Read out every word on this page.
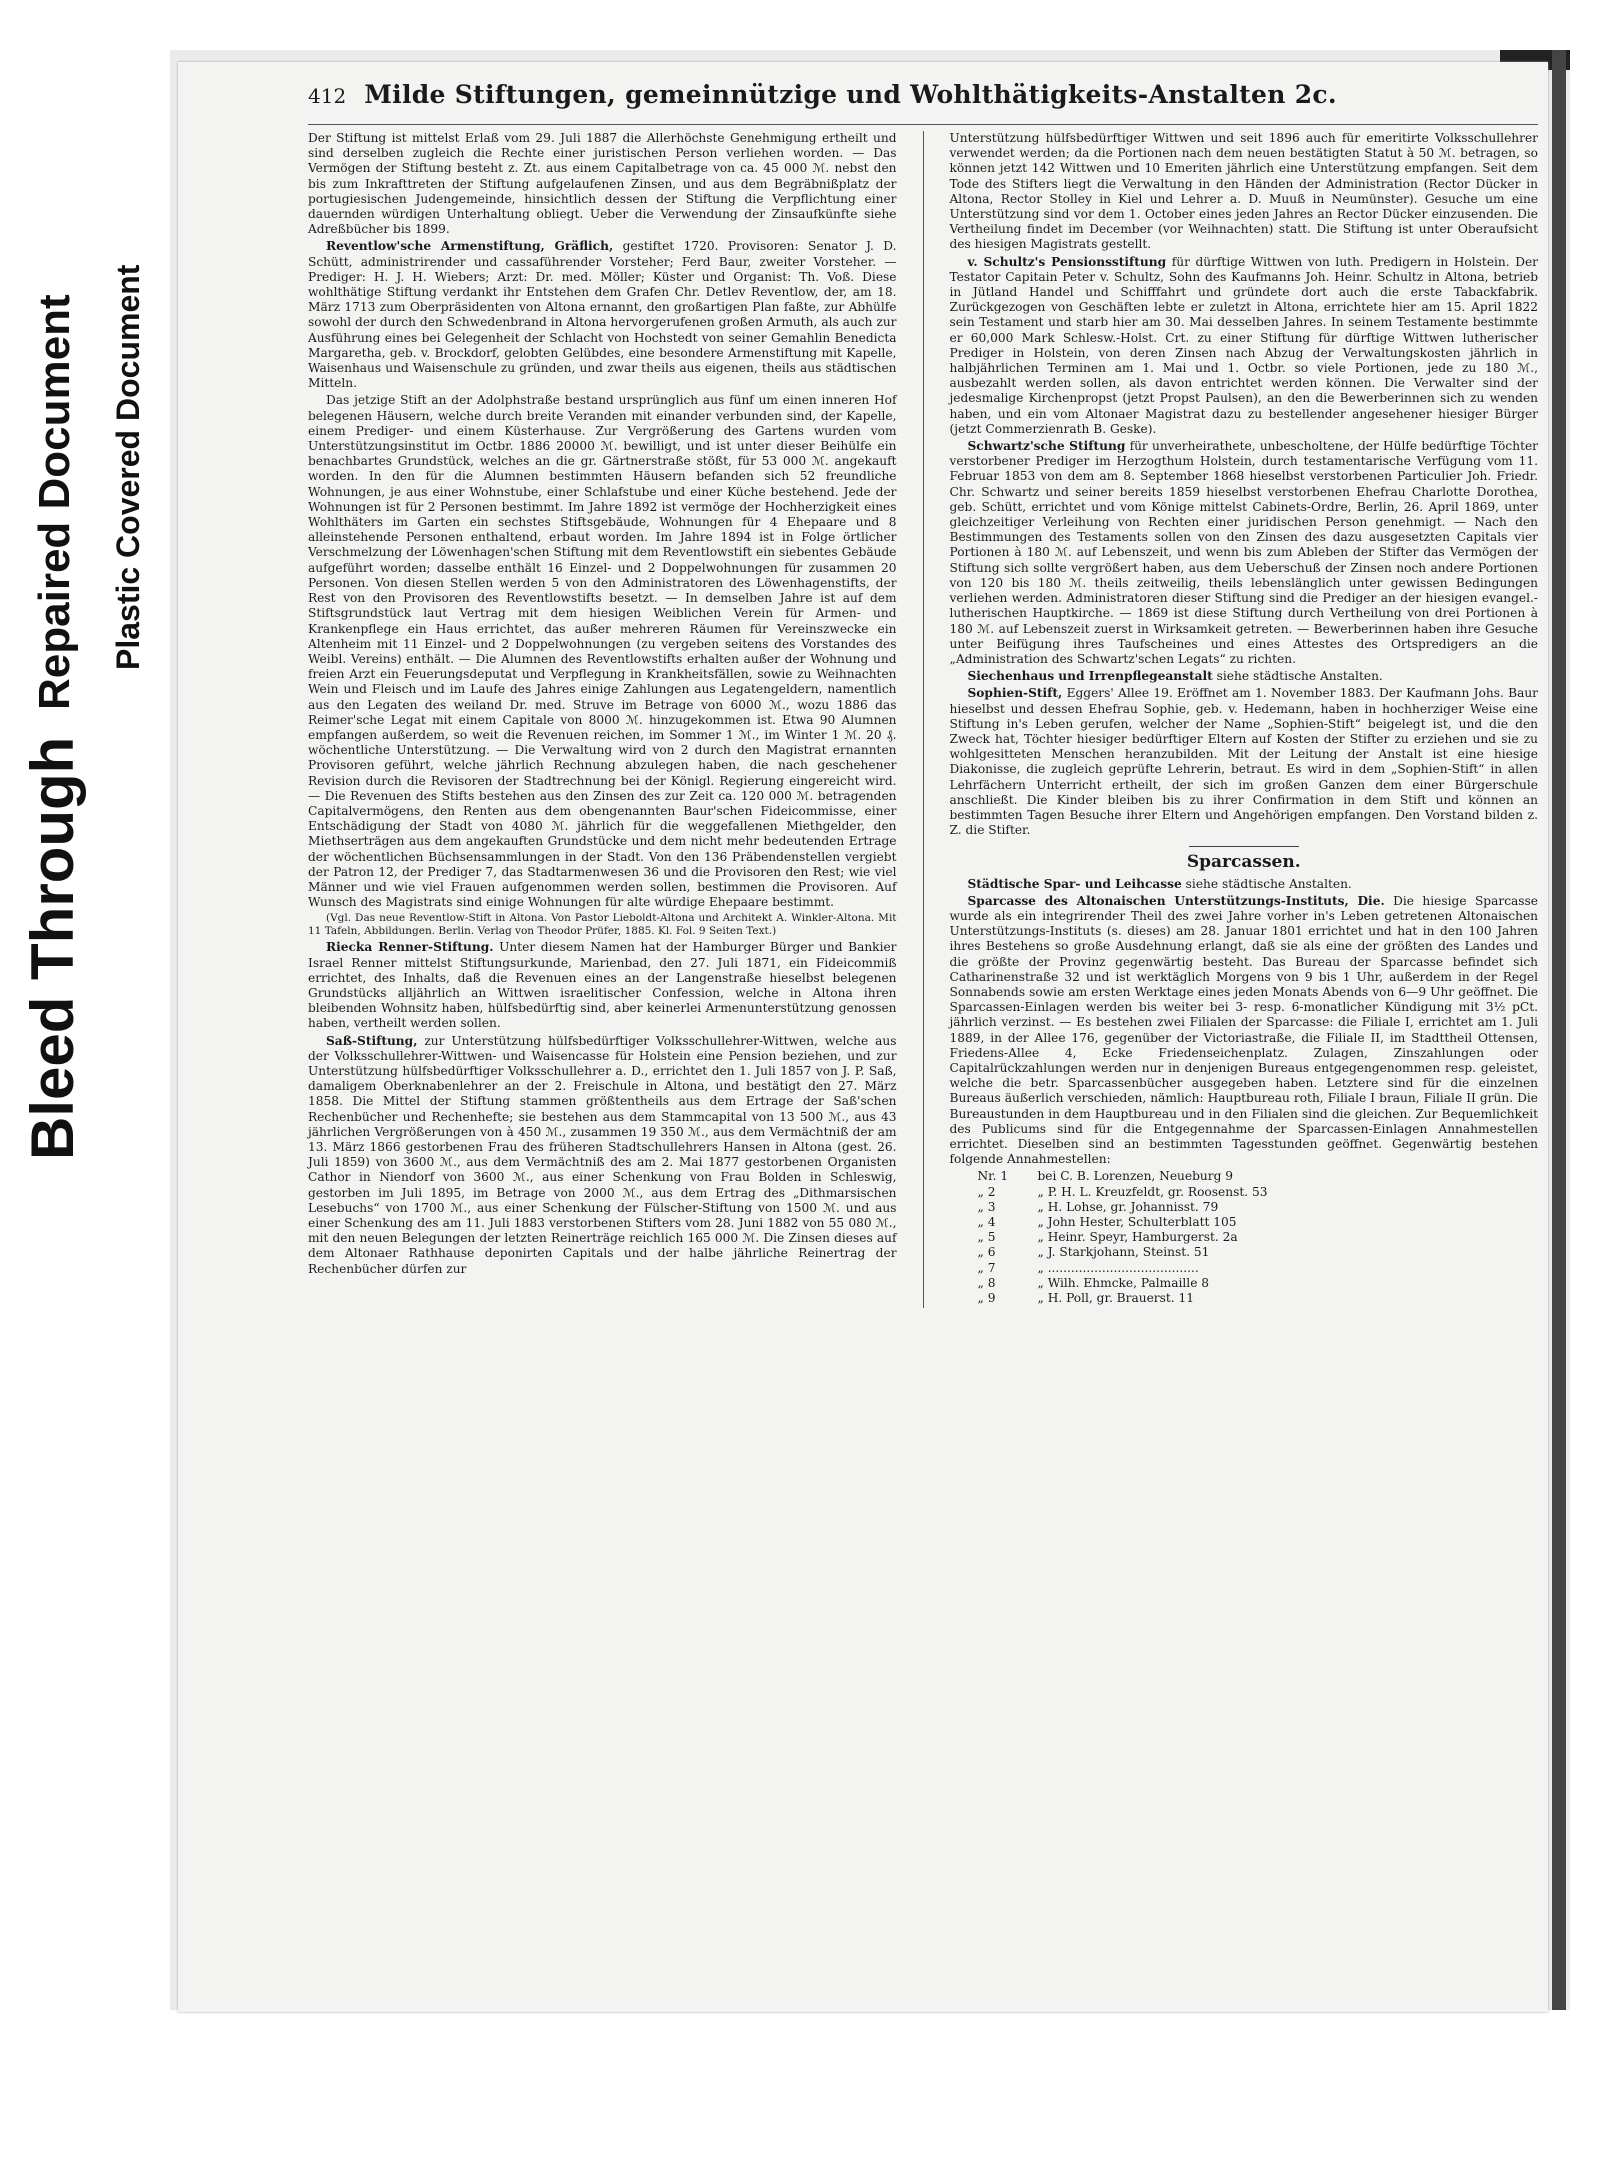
Bleed Through
Repaired Document Plastic Covered Document
412 Milde Stiftungen, gemeinnützige und Wohlthätigkeits-Anstalten 2c.

Der Stiftung ist mittelst Erlaß vom 29. Juli 1887 die Allerhöchste Genehmigung ertheilt und sind derselben zugleich die Rechte einer juristischen Person verliehen worden. — Das Vermögen der Stiftung besteht z. Zt. aus einem Capitalbetrage von ca. 45 000 ℳ. nebst den bis zum Inkrafttreten der Stiftung aufgelaufenen Zinsen, und aus dem Begräbnißplatz der portugiesischen Judengemeinde, hinsichtlich dessen der Stiftung die Verpflichtung einer dauernden würdigen Unterhaltung obliegt. Ueber die Verwendung der Zinsaufkünfte siehe Adreßbücher bis 1899.

Reventlow'sche Armenstiftung, Gräflich, gestiftet 1720. Provisoren: Senator J. D. Schütt, administrirender und cassaführender Vorsteher; Ferd Baur, zweiter Vorsteher. — Prediger: H. J. H. Wiebers; Arzt: Dr. med. Möller; Küster und Organist: Th. Voß. Diese wohlthätige Stiftung verdankt ihr Entstehen dem Grafen Chr. Detlev Reventlow, der, am 18. März 1713 zum Oberpräsidenten von Altona ernannt, den großartigen Plan faßte, zur Abhülfe sowohl der durch den Schwedenbrand in Altona hervorgerufenen großen Armuth, als auch zur Ausführung eines bei Gelegenheit der Schlacht von Hochstedt von seiner Gemahlin Benedicta Margaretha, geb. v. Brockdorf, gelobten Gelübdes, eine besondere Armenstiftung mit Kapelle, Waisenhaus und Waisenschule zu gründen, und zwar theils aus eigenen, theils aus städtischen Mitteln.

Das jetzige Stift an der Adolphstraße bestand ursprünglich aus fünf um einen inneren Hof belegenen Häusern, welche durch breite Veranden mit einander verbunden sind, der Kapelle, einem Prediger- und einem Küsterhause. Zur Vergrößerung des Gartens wurden vom Unterstützungsinstitut im Octbr. 1886 20000 ℳ. bewilligt, und ist unter dieser Beihülfe ein benachbartes Grundstück, welches an die gr. Gärtnerstraße stößt, für 53 000 ℳ. angekauft worden. In den für die Alumnen bestimmten Häusern befanden sich 52 freundliche Wohnungen, je aus einer Wohnstube, einer Schlafstube und einer Küche bestehend. Jede der Wohnungen ist für 2 Personen bestimmt. Im Jahre 1892 ist vermöge der Hochherzigkeit eines Wohlthäters im Garten ein sechstes Stiftsgebäude, Wohnungen für 4 Ehepaare und 8 alleinstehende Personen enthaltend, erbaut worden. Im Jahre 1894 ist in Folge örtlicher Verschmelzung der Löwenhagen'schen Stiftung mit dem Reventlowstift ein siebentes Gebäude aufgeführt worden; dasselbe enthält 16 Einzel- und 2 Doppelwohnungen für zusammen 20 Personen. Von diesen Stellen werden 5 von den Administratoren des Löwenhagenstifts, der Rest von den Provisoren des Reventlowstifts besetzt. — In demselben Jahre ist auf dem Stiftsgrundstück laut Vertrag mit dem hiesigen Weiblichen Verein für Armen- und Krankenpflege ein Haus errichtet, das außer mehreren Räumen für Vereinszwecke ein Altenheim mit 11 Einzel- und 2 Doppelwohnungen (zu vergeben seitens des Vorstandes des Weibl. Vereins) enthält. — Die Alumnen des Reventlowstifts erhalten außer der Wohnung und freien Arzt ein Feuerungsdeputat und Verpflegung in Krankheitsfällen, sowie zu Weihnachten Wein und Fleisch und im Laufe des Jahres einige Zahlungen aus Legatengeldern, namentlich aus den Legaten des weiland Dr. med. Struve im Betrage von 6000 ℳ., wozu 1886 das Reimer'sche Legat mit einem Capitale von 8000 ℳ. hinzugekommen ist. Etwa 90 Alumnen empfangen außerdem, so weit die Revenuen reichen, im Sommer 1 ℳ., im Winter 1 ℳ. 20 ₰. wöchentliche Unterstützung. — Die Verwaltung wird von 2 durch den Magistrat ernannten Provisoren geführt, welche jährlich Rechnung abzulegen haben, die nach geschehener Revision durch die Revisoren der Stadtrechnung bei der Königl. Regierung eingereicht wird. — Die Revenuen des Stifts bestehen aus den Zinsen des zur Zeit ca. 120 000 ℳ. betragenden Capitalvermögens, den Renten aus dem obengenannten Baur'schen Fideicommisse, einer Entschädigung der Stadt von 4080 ℳ. jährlich für die weggefallenen Miethgelder, den Miethserträgen aus dem angekauften Grundstücke und dem nicht mehr bedeutenden Ertrage der wöchentlichen Büchsensammlungen in der Stadt. Von den 136 Präbendenstellen vergiebt der Patron 12, der Prediger 7, das Stadtarmenwesen 36 und die Provisoren den Rest; wie viel Männer und wie viel Frauen aufgenommen werden sollen, bestimmen die Provisoren. Auf Wunsch des Magistrats sind einige Wohnungen für alte würdige Ehepaare bestimmt.

(Vgl. Das neue Reventlow-Stift in Altona. Von Pastor Lieboldt-Altona und Architekt A. Winkler-Altona. Mit 11 Tafeln, Abbildungen. Berlin. Verlag von Theodor Prüfer, 1885. Kl. Fol. 9 Seiten Text.)

Riecka Renner-Stiftung. Unter diesem Namen hat der Hamburger Bürger und Bankier Israel Renner mittelst Stiftungsurkunde, Marienbad, den 27. Juli 1871, ein Fideicommiß errichtet, des Inhalts, daß die Revenuen eines an der Langenstraße hieselbst belegenen Grundstücks alljährlich an Wittwen israelitischer Confession, welche in Altona ihren bleibenden Wohnsitz haben, hülfsbedürftig sind, aber keinerlei Armenunterstützung genossen haben, vertheilt werden sollen.

Saß-Stiftung, zur Unterstützung hülfsbedürftiger Volksschullehrer-Wittwen, welche aus der Volksschullehrer-Wittwen- und Waisencasse für Holstein eine Pension beziehen, und zur Unterstützung hülfsbedürftiger Volksschullehrer a. D., errichtet den 1. Juli 1857 von J. P. Saß, damaligem Oberknabenlehrer an der 2. Freischule in Altona, und bestätigt den 27. März 1858. Die Mittel der Stiftung stammen größtentheils aus dem Ertrage der Saß'schen Rechenbücher und Rechenhefte; sie bestehen aus dem Stammcapital von 13 500 ℳ., aus 43 jährlichen Vergrößerungen von à 450 ℳ., zusammen 19 350 ℳ., aus dem Vermächtniß der am 13. März 1866 gestorbenen Frau des früheren Stadtschullehrers Hansen in Altona (gest. 26. Juli 1859) von 3600 ℳ., aus dem Vermächtniß des am 2. Mai 1877 gestorbenen Organisten Cathor in Niendorf von 3600 ℳ., aus einer Schenkung von Frau Bolden in Schleswig, gestorben im Juli 1895, im Betrage von 2000 ℳ., aus dem Ertrag des „Dithmarsischen Lesebuchs“ von 1700 ℳ., aus einer Schenkung der Fülscher-Stiftung von 1500 ℳ. und aus einer Schenkung des am 11. Juli 1883 verstorbenen Stifters vom 28. Juni 1882 von 55 080 ℳ., mit den neuen Belegungen der letzten Reinerträge reichlich 165 000 ℳ. Die Zinsen dieses auf dem Altonaer Rathhause deponirten Capitals und der halbe jährliche Reinertrag der Rechenbücher dürfen zur

Unterstützung hülfsbedürftiger Wittwen und seit 1896 auch für emeritirte Volksschullehrer verwendet werden; da die Portionen nach dem neuen bestätigten Statut à 50 ℳ. betragen, so können jetzt 142 Wittwen und 10 Emeriten jährlich eine Unterstützung empfangen. Seit dem Tode des Stifters liegt die Verwaltung in den Händen der Administration (Rector Dücker in Altona, Rector Stolley in Kiel und Lehrer a. D. Muuß in Neumünster). Gesuche um eine Unterstützung sind vor dem 1. October eines jeden Jahres an Rector Dücker einzusenden. Die Vertheilung findet im December (vor Weihnachten) statt. Die Stiftung ist unter Oberaufsicht des hiesigen Magistrats gestellt.

v. Schultz's Pensionsstiftung für dürftige Wittwen von luth. Predigern in Holstein. Der Testator Capitain Peter v. Schultz, Sohn des Kaufmanns Joh. Heinr. Schultz in Altona, betrieb in Jütland Handel und Schifffahrt und gründete dort auch die erste Tabackfabrik. Zurückgezogen von Geschäften lebte er zuletzt in Altona, errichtete hier am 15. April 1822 sein Testament und starb hier am 30. Mai desselben Jahres. In seinem Testamente bestimmte er 60,000 Mark Schlesw.-Holst. Crt. zu einer Stiftung für dürftige Wittwen lutherischer Prediger in Holstein, von deren Zinsen nach Abzug der Verwaltungskosten jährlich in halbjährlichen Terminen am 1. Mai und 1. Octbr. so viele Portionen, jede zu 180 ℳ., ausbezahlt werden sollen, als davon entrichtet werden können. Die Verwalter sind der jedesmalige Kirchenpropst (jetzt Propst Paulsen), an den die Bewerberinnen sich zu wenden haben, und ein vom Altonaer Magistrat dazu zu bestellender angesehener hiesiger Bürger (jetzt Commerzienrath B. Geske).

Schwartz'sche Stiftung für unverheirathete, unbescholtene, der Hülfe bedürftige Töchter verstorbener Prediger im Herzogthum Holstein, durch testamentarische Verfügung vom 11. Februar 1853 von dem am 8. September 1868 hieselbst verstorbenen Particulier Joh. Friedr. Chr. Schwartz und seiner bereits 1859 hieselbst verstorbenen Ehefrau Charlotte Dorothea, geb. Schütt, errichtet und vom Könige mittelst Cabinets-Ordre, Berlin, 26. April 1869, unter gleichzeitiger Verleihung von Rechten einer juridischen Person genehmigt. — Nach den Bestimmungen des Testaments sollen von den Zinsen des dazu ausgesetzten Capitals vier Portionen à 180 ℳ. auf Lebenszeit, und wenn bis zum Ableben der Stifter das Vermögen der Stiftung sich sollte vergrößert haben, aus dem Ueberschuß der Zinsen noch andere Portionen von 120 bis 180 ℳ. theils zeitweilig, theils lebenslänglich unter gewissen Bedingungen verliehen werden. Administratoren dieser Stiftung sind die Prediger an der hiesigen evangel.-lutherischen Hauptkirche. — 1869 ist diese Stiftung durch Vertheilung von drei Portionen à 180 ℳ. auf Lebenszeit zuerst in Wirksamkeit getreten. — Bewerberinnen haben ihre Gesuche unter Beifügung ihres Taufscheines und eines Attestes des Ortspredigers an die „Administration des Schwartz'schen Legats“ zu richten.

Siechenhaus und Irrenpflegeanstalt siehe städtische Anstalten.

Sophien-Stift, Eggers' Allee 19. Eröffnet am 1. November 1883. Der Kaufmann Johs. Baur hieselbst und dessen Ehefrau Sophie, geb. v. Hedemann, haben in hochherziger Weise eine Stiftung in's Leben gerufen, welcher der Name „Sophien-Stift“ beigelegt ist, und die den Zweck hat, Töchter hiesiger bedürftiger Eltern auf Kosten der Stifter zu erziehen und sie zu wohlgesitteten Menschen heranzubilden. Mit der Leitung der Anstalt ist eine hiesige Diakonisse, die zugleich geprüfte Lehrerin, betraut. Es wird in dem „Sophien-Stift“ in allen Lehrfächern Unterricht ertheilt, der sich im großen Ganzen dem einer Bürgerschule anschließt. Die Kinder bleiben bis zu ihrer Confirmation in dem Stift und können an bestimmten Tagen Besuche ihrer Eltern und Angehörigen empfangen. Den Vorstand bilden z. Z. die Stifter.

Sparcassen.

Städtische Spar- und Leihcasse siehe städtische Anstalten.

Sparcasse des Altonaischen Unterstützungs-Instituts, Die. Die hiesige Sparcasse wurde als ein integrirender Theil des zwei Jahre vorher in's Leben getretenen Altonaischen Unterstützungs-Instituts (s. dieses) am 28. Januar 1801 errichtet und hat in den 100 Jahren ihres Bestehens so große Ausdehnung erlangt, daß sie als eine der größten des Landes und die größte der Provinz gegenwärtig besteht. Das Bureau der Sparcasse befindet sich Catharinenstraße 32 und ist werktäglich Morgens von 9 bis 1 Uhr, außerdem in der Regel Sonnabends sowie am ersten Werktage eines jeden Monats Abends von 6—9 Uhr geöffnet. Die Sparcassen-Einlagen werden bis weiter bei 3- resp. 6-monatlicher Kündigung mit 3½ pCt. jährlich verzinst. — Es bestehen zwei Filialen der Sparcasse: die Filiale I, errichtet am 1. Juli 1889, in der Allee 176, gegenüber der Victoriastraße, die Filiale II, im Stadttheil Ottensen, Friedens-Allee 4, Ecke Friedenseichenplatz. Zulagen, Zinszahlungen oder Capitalrückzahlungen werden nur in denjenigen Bureaus entgegengenommen resp. geleistet, welche die betr. Sparcassenbücher ausgegeben haben. Letztere sind für die einzelnen Bureaus äußerlich verschieden, nämlich: Hauptbureau roth, Filiale I braun, Filiale II grün. Die Bureaustunden in dem Hauptbureau und in den Filialen sind die gleichen. Zur Bequemlichkeit des Publicums sind für die Entgegennahme der Sparcassen-Einlagen Annahmestellen errichtet. Dieselben sind an bestimmten Tagesstunden geöffnet. Gegenwärtig bestehen folgende Annahmestellen:

Nr. 1 bei C. B. Lorenzen, Neueburg 9
„ 2	„ P. H. L. Kreuzfeldt, gr. Roosenst. 53
„ 3	„ H. Lohse, gr. Johannisst. 79
„ 4	„ John Hester, Schulterblatt 105
„ 5	„ Heinr. Speyr, Hamburgerst. 2a
„ 6	„ J. Starkjohann, Steinst. 51
„ 7	„ .......................................
„ 8	„ Wilh. Ehmcke, Palmaille 8
„ 9	„ H. Poll, gr. Brauerst. 11
